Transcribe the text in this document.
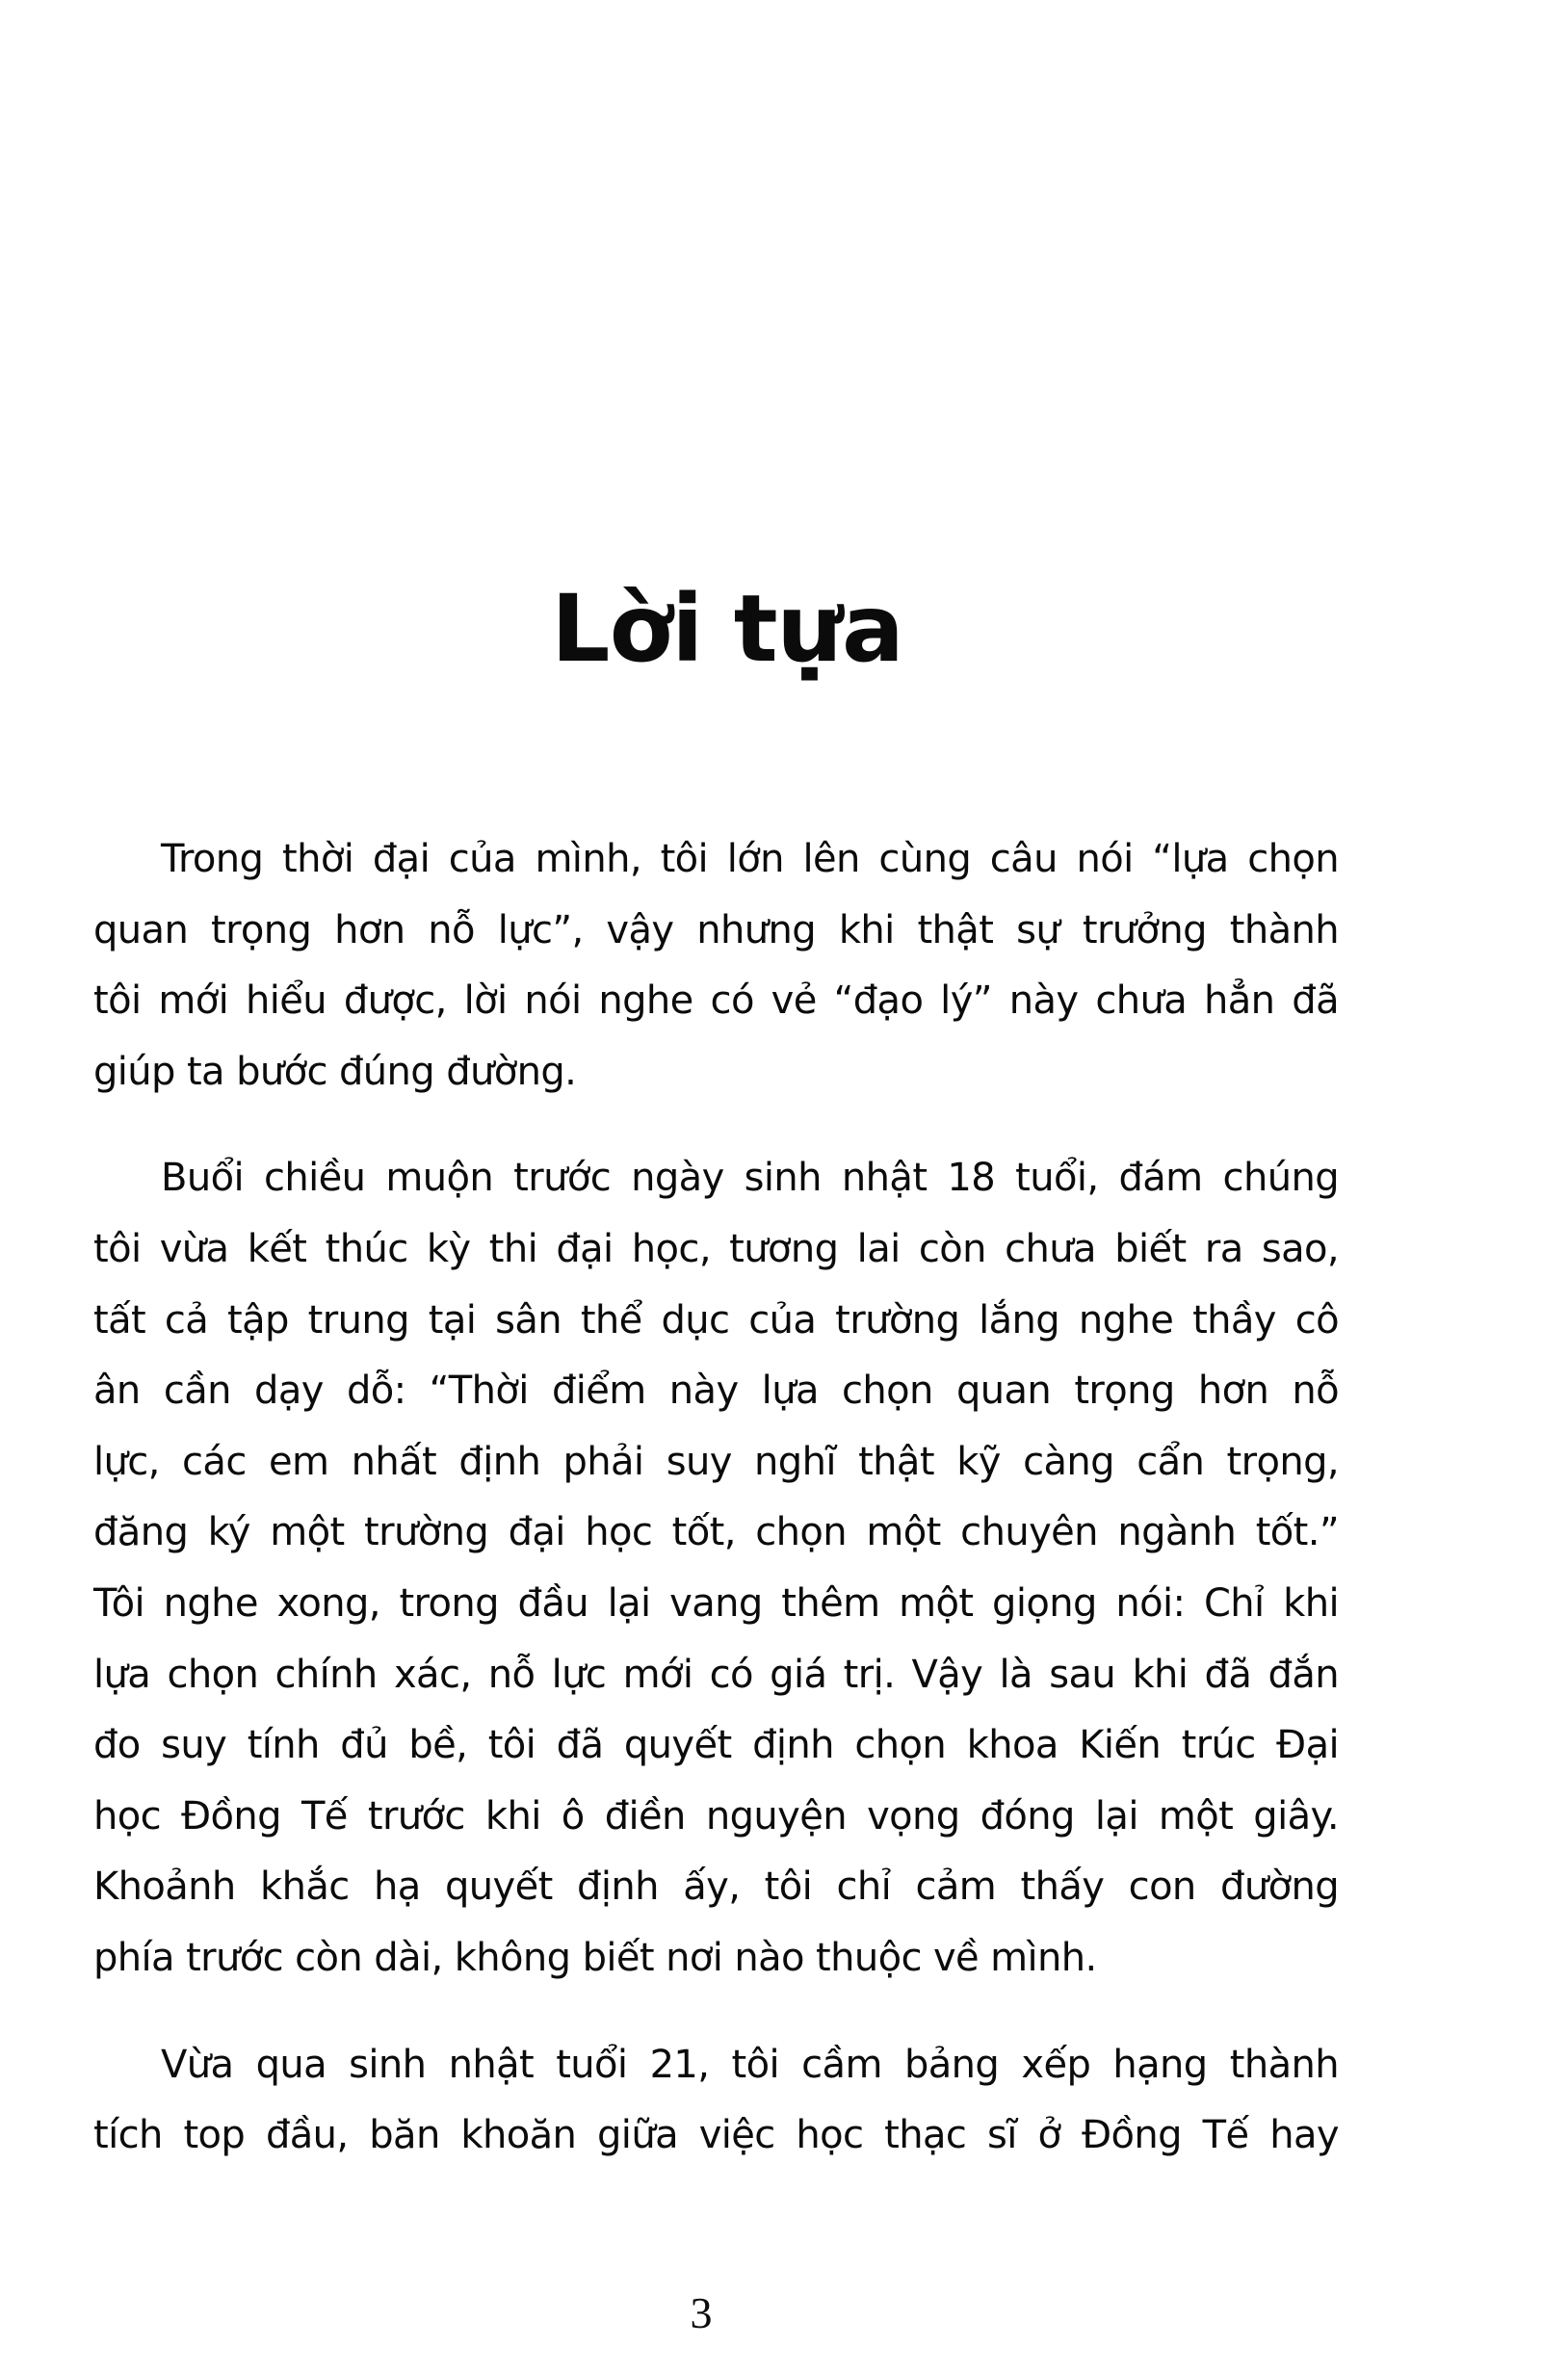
Lời tựa

Trong thời đại của mình, tôi lớn lên cùng câu nói “lựa chọn
quan trọng hơn nỗ lực”, vậy nhưng khi thật sự trưởng thành
tôi mới hiểu được, lời nói nghe có vẻ “đạo lý” này chưa hẳn đã
giúp ta bước đúng đường.

Buổi chiều muộn trước ngày sinh nhật 18 tuổi, đám chúng
tôi vừa kết thúc kỳ thi đại học, tương lai còn chưa biết ra sao,
tất cả tập trung tại sân thể dục của trường lắng nghe thầy cô
ân cần dạy dỗ: “Thời điểm này lựa chọn quan trọng hơn nỗ
lực, các em nhất định phải suy nghĩ thật kỹ càng cẩn trọng,
đăng ký một trường đại học tốt, chọn một chuyên ngành tốt.”
Tôi nghe xong, trong đầu lại vang thêm một giọng nói: Chỉ khi
lựa chọn chính xác, nỗ lực mới có giá trị. Vậy là sau khi đã đắn
đo suy tính đủ bề, tôi đã quyết định chọn khoa Kiến trúc Đại
học Đồng Tế trước khi ô điền nguyện vọng đóng lại một giây.
Khoảnh khắc hạ quyết định ấy, tôi chỉ cảm thấy con đường
phía trước còn dài, không biết nơi nào thuộc về mình.

Vừa qua sinh nhật tuổi 21, tôi cầm bảng xếp hạng thành
tích top đầu, băn khoăn giữa việc học thạc sĩ ở Đồng Tế hay

3
